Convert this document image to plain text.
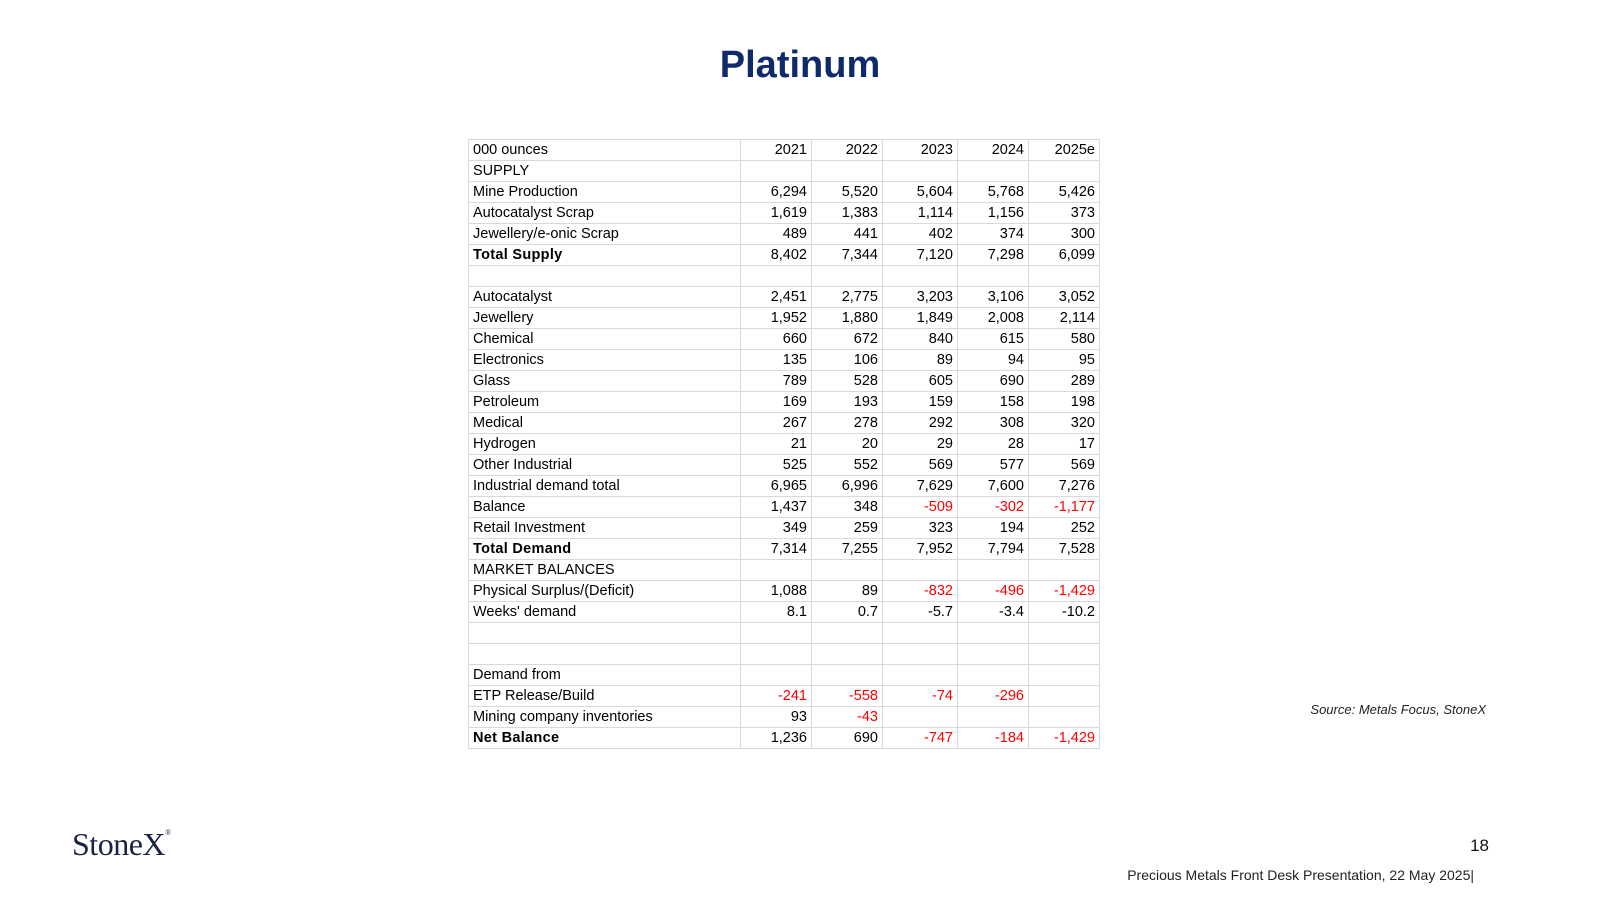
Platinum
000 ounces	2021	2022	2023	2024	2025e
SUPPLY					
Mine Production	6,294	5,520	5,604	5,768	5,426
Autocatalyst Scrap	1,619	1,383	1,114	1,156	373
Jewellery/e-onic Scrap	489	441	402	374	300
Total Supply	8,402	7,344	7,120	7,298	6,099

Autocatalyst	2,451	2,775	3,203	3,106	3,052
Jewellery	1,952	1,880	1,849	2,008	2,114
Chemical	660	672	840	615	580
Electronics	135	106	89	94	95
Glass	789	528	605	690	289
Petroleum	169	193	159	158	198
Medical	267	278	292	308	320
Hydrogen	21	20	29	28	17
Other Industrial	525	552	569	577	569
Industrial demand total	6,965	6,996	7,629	7,600	7,276
Balance	1,437	348	-509	-302	-1,177
Retail Investment	349	259	323	194	252
Total Demand	7,314	7,255	7,952	7,794	7,528
MARKET BALANCES					
Physical Surplus/(Deficit)	1,088	89	-832	-496	-1,429
Weeks' demand	8.1	0.7	-5.7	-3.4	-10.2

Demand from					
ETP Release/Build	-241	-558	-74	-296	
Mining company inventories	93	-43			
Net Balance	1,236	690	-747	-184	-1,429
Source: Metals Focus, StoneX
StoneX®
18
Precious Metals Front Desk Presentation, 22 May 2025|
